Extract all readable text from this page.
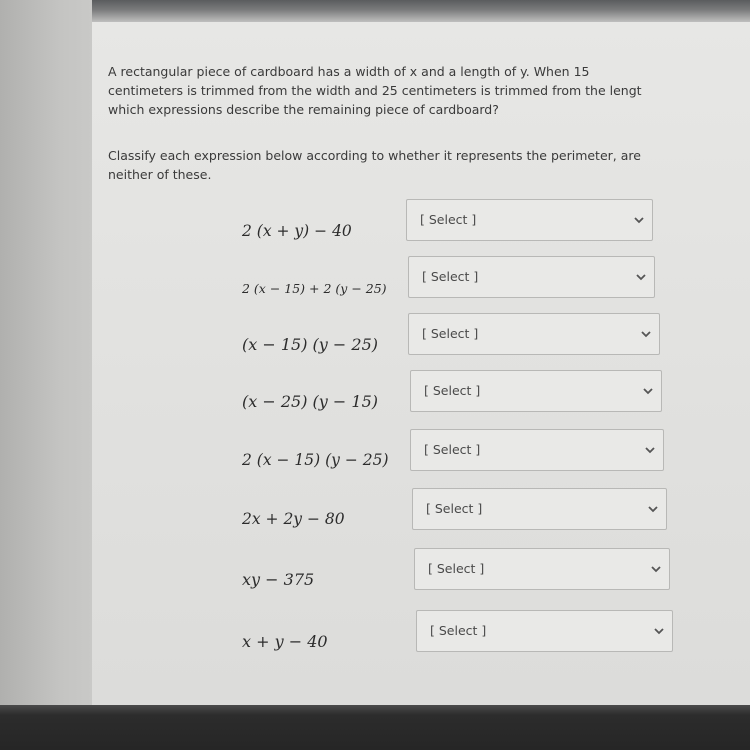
A rectangular piece of cardboard has a width of x and a length of y. When 15
centimeters is trimmed from the width and 25 centimeters is trimmed from the lengt
which expressions describe the remaining piece of cardboard?

Classify each expression below according to whether it represents the perimeter, are
neither of these.

2 (x + y) − 40
[ Select ]
2 (x − 15) + 2 (y − 25)
[ Select ]
(x − 15) (y − 25)
[ Select ]
(x − 25) (y − 15)
[ Select ]
2 (x − 15) (y − 25)
[ Select ]
2x + 2y − 80
[ Select ]
xy − 375
[ Select ]
x + y − 40
[ Select ]
